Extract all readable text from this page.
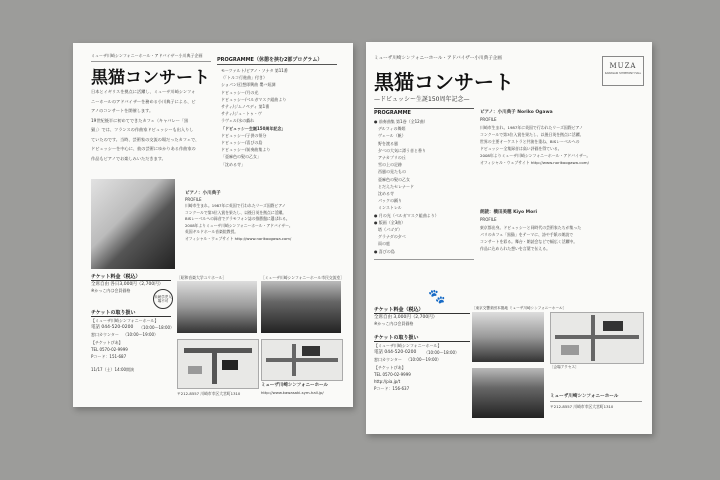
ミューザ川崎シンフォニーホール・アドバイザー小川典子企画
黒猫コンサート
日本とイギリスを拠点に活躍し、ミューザ川崎シンフォ
ニーホールのアドバイザーを務める小川典子による、ピ
アノのコンサートを開催します。
19世紀後半に初めてできたカフェ〈キャバレー「黒
猫」〉では、フランスの作曲家ドビュッシーも出入りし
ていたのです。当時、芸術家の交流の場だったカフェで、
ドビュッシーを中心に、彼の芸術にゆかりある作曲家の
作品もピアノでお楽しみいただきます。
PROGRAMME（休憩を挟む2部プログラム）
モーツァルト/ピアノ・ソナタ 第11番
（「トルコ行進曲」付き）
ショパン/幻想即興曲 嬰ハ短調
ドビュッシー/月の光
ドビュッシー/ベルガマスク組曲より
サティ/ジムノペディ 第1番
サティ/ジュ・トゥ・ヴ
ラヴェル/水の戯れ
「ドビュッシー生誕150周年記念」
ドビュッシー/子供の領分
ドビュッシー/喜びの島
ドビュッシー/前奏曲集より
「亜麻色の髪の乙女」
「沈める寺」
ピアノ：小川典子
PROFILE
川崎市生まれ。1987年に英国で行われたリーズ国際ピアノ
コンクールで第3位入賞を果たし、以後日英を拠点に活躍。
BISレーベルへの録音でグラモフォン誌の推薦盤に選ばれる。
2008年よりミューザ川崎シンフォニーホール・アドバイザー。
英国ギルドホール音楽院教授。
オフィシャル・ウェブサイト http://www.norikoogawa.com/
チケット料金（税込）
全席自由 各日3,000円（2,700円）
※かっこ内は会員価格
未就学児入場不可
チケットの取り扱い
【ミューザ川崎シンフォニーホール】
電話 044-520-0200 （10:00〜18:00）
窓口カウンター （10:00〜19:00）
【チケットぴあ】
TEL 0570-02-9999
Pコード：151-687
11/17（土）14:00開演
［昭和音楽大学ユリホール］	［ミューザ川崎シンフォニーホール市民交流室］
〒212-8557 川崎市幸区大宮町1310
ミューザ川崎シンフォニーホール
http://www.kawasaki-sym-hall.jp/
ミューザ川崎シンフォニーホール・アドバイザー小川典子企画
黒猫コンサート
—ドビュッシー生誕150周年記念—
MUZA
KAWASAKI SYMPHONY HALL
PROGRAMME
● 前奏曲集 第1巻（全12曲）
　デルフィの舞姫
　ヴェール（帆）
　野を渡る風
　夕べの大気に漂う音と香り
　アナカプリの丘
　雪の上の足跡
　西風の見たもの
　亜麻色の髪の乙女
　とだえたセレナード
　沈める寺
　パックの踊り
　ミンストレル
● 月の光（ベルガマスク組曲より）
● 版画（全3曲）
　塔（パゴダ）
　グラナダの夕べ
　雨の庭
● 喜びの島
🐾
チケット料金（税込）
全席自由 3,000円（2,700円）
※かっこ内は会員価格
チケットの取り扱い
【ミューザ川崎シンフォニーホール】
電話 044-520-0200 （10:00〜18:00）
窓口カウンター （10:00〜19:00）
【チケットぴあ】
TEL 0570-02-9999
http://pia.jp/t
Pコード：156-637
ピアノ：小川典子 Noriko Ogawa
PROFILE
川崎市生まれ。1987年に英国で行われたリーズ国際ピアノ
コンクールで第3位入賞を果たし、以後日英を拠点に活躍。
世界の主要オーケストラと共演を重ね、BISレーベルへの
ドビュッシー全集録音は高い評価を得ている。
2008年よりミューザ川崎シンフォニーホール・アドバイザー。
オフィシャル・ウェブサイト http://www.norikoogawa.com/
朗読：横田美穂 Kiyo Mori
PROFILE
東京都出身。ドビュッシーと同時代の芸術家たちが集った
パリのカフェ「黒猫」をテーマに、詩や手紙の朗読で
コンサートを彩る。舞台・朗読会などで幅広く活躍中。
作品に込められた想いを言葉で伝える。
［東京交響楽団本拠地 ミューザ川崎シンフォニーホール］
［会場アクセス］
ミューザ川崎シンフォニーホール
〒212-8557 川崎市幸区大宮町1310
